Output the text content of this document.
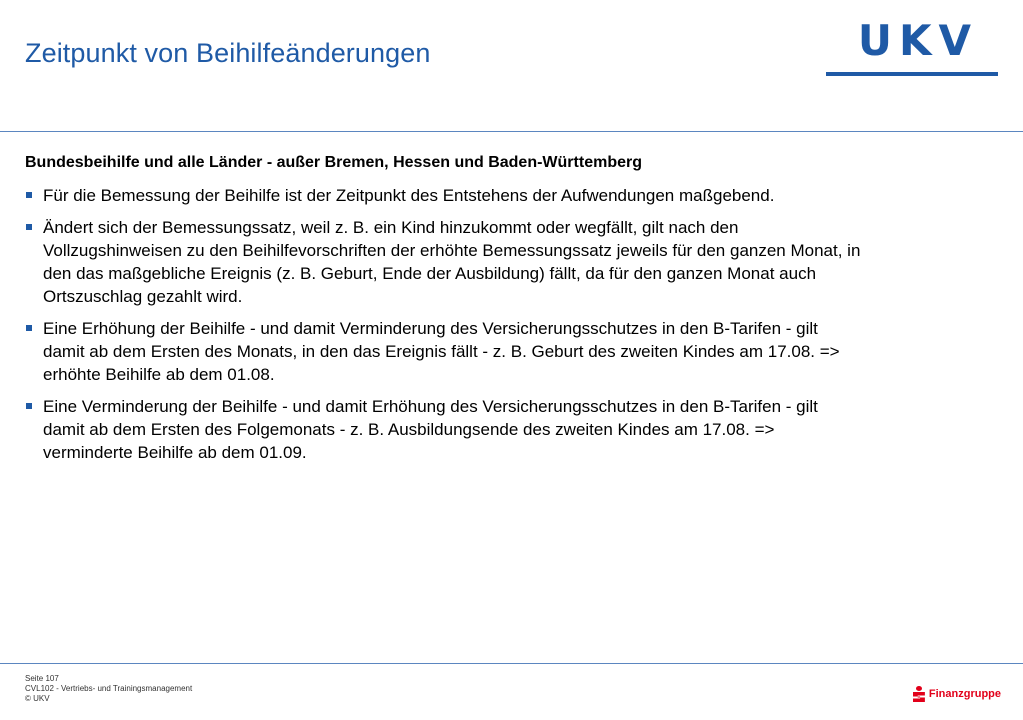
Zeitpunkt von Beihilfeänderungen	UKV
Bundesbeihilfe und alle Länder - außer Bremen, Hessen und Baden-Württemberg
Für die Bemessung der Beihilfe ist der Zeitpunkt des Entstehens der Aufwendungen maßgebend.
Ändert sich der Bemessungssatz, weil z. B. ein Kind hinzukommt oder wegfällt, gilt nach den Vollzugshinweisen zu den Beihilfevorschriften der erhöhte Bemessungssatz jeweils für den ganzen Monat, in den das maßgebliche Ereignis (z. B. Geburt, Ende der Ausbildung) fällt, da für den ganzen Monat auch Ortszuschlag gezahlt wird.
Eine Erhöhung der Beihilfe - und damit Verminderung des Versicherungsschutzes in den B-Tarifen - gilt damit ab dem Ersten des Monats, in den das Ereignis fällt - z. B. Geburt des zweiten Kindes am 17.08. => erhöhte Beihilfe ab dem 01.08.
Eine Verminderung der Beihilfe - und damit Erhöhung des Versicherungsschutzes in den B-Tarifen - gilt damit ab dem Ersten des Folgemonats - z. B. Ausbildungsende des zweiten Kindes am 17.08. => verminderte Beihilfe ab dem 01.09.
Seite 107
CVL102 - Vertriebs- und Trainingsmanagement
© UKV	Finanzgruppe
